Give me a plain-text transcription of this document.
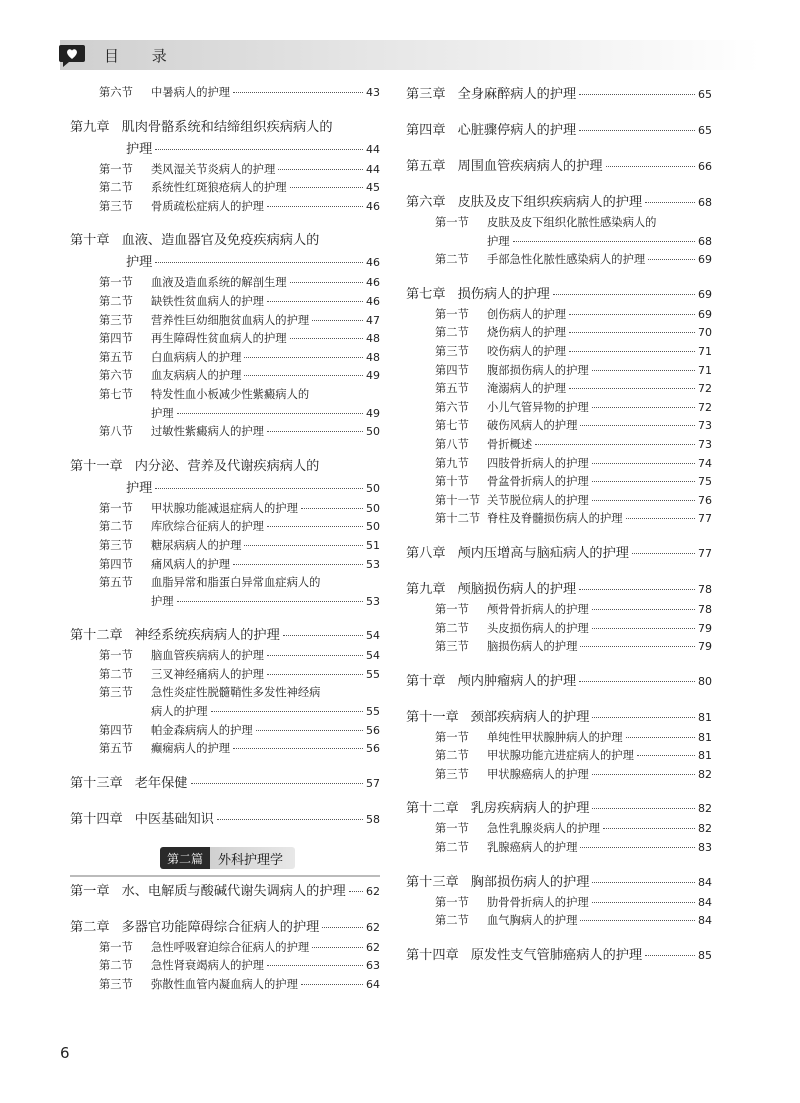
目 录
第六节 中暑病人的护理	43
第九章 肌肉骨骼系统和结缔组织疾病病人的
护理	44
第一节 类风湿关节炎病人的护理	44
第二节 系统性红斑狼疮病人的护理	45
第三节 骨质疏松症病人的护理	46
第十章 血液、造血器官及免疫疾病病人的
护理	46
第一节 血液及造血系统的解剖生理	46
第二节 缺铁性贫血病人的护理	46
第三节 营养性巨幼细胞贫血病人的护理	47
第四节 再生障碍性贫血病人的护理	48
第五节 白血病病人的护理	48
第六节 血友病病人的护理	49
第七节 特发性血小板减少性紫癜病人的
护理	49
第八节 过敏性紫癜病人的护理	50
第十一章 内分泌、营养及代谢疾病病人的
护理	50
第一节 甲状腺功能减退症病人的护理	50
第二节 库欣综合征病人的护理	50
第三节 糖尿病病人的护理	51
第四节 痛风病人的护理	53
第五节 血脂异常和脂蛋白异常血症病人的
护理	53
第十二章 神经系统疾病病人的护理	54
第一节 脑血管疾病病人的护理	54
第二节 三叉神经痛病人的护理	55
第三节 急性炎症性脱髓鞘性多发性神经病
病人的护理	55
第四节 帕金森病病人的护理	56
第五节 癫痫病人的护理	56
第十三章 老年保健	57
第十四章 中医基础知识	58
第二篇	外科护理学
第一章 水、电解质与酸碱代谢失调病人的护理 62
第二章 多器官功能障碍综合征病人的护理	62
第一节 急性呼吸窘迫综合征病人的护理	62
第二节 急性肾衰竭病人的护理	63
第三节 弥散性血管内凝血病人的护理	64
第三章 全身麻醉病人的护理	65
第四章 心脏骤停病人的护理	65
第五章 周围血管疾病病人的护理	66
第六章 皮肤及皮下组织疾病病人的护理	68
第一节 皮肤及皮下组织化脓性感染病人的
护理	68
第二节 手部急性化脓性感染病人的护理	69
第七章 损伤病人的护理	69
第一节 创伤病人的护理	69
第二节 烧伤病人的护理	70
第三节 咬伤病人的护理	71
第四节 腹部损伤病人的护理	71
第五节 淹溺病人的护理	72
第六节 小儿气管异物的护理	72
第七节 破伤风病人的护理	73
第八节 骨折概述	73
第九节 四肢骨折病人的护理	74
第十节 骨盆骨折病人的护理	75
第十一节 关节脱位病人的护理	76
第十二节 脊柱及脊髓损伤病人的护理	77
第八章 颅内压增高与脑疝病人的护理	77
第九章 颅脑损伤病人的护理	78
第一节 颅骨骨折病人的护理	78
第二节 头皮损伤病人的护理	79
第三节 脑损伤病人的护理	79
第十章 颅内肿瘤病人的护理	80
第十一章 颈部疾病病人的护理	81
第一节 单纯性甲状腺肿病人的护理	81
第二节 甲状腺功能亢进症病人的护理	81
第三节 甲状腺癌病人的护理	82
第十二章 乳房疾病病人的护理	82
第一节 急性乳腺炎病人的护理	82
第二节 乳腺癌病人的护理	83
第十三章 胸部损伤病人的护理	84
第一节 肋骨骨折病人的护理	84
第二节 血气胸病人的护理	84
第十四章 原发性支气管肺癌病人的护理	85
6
